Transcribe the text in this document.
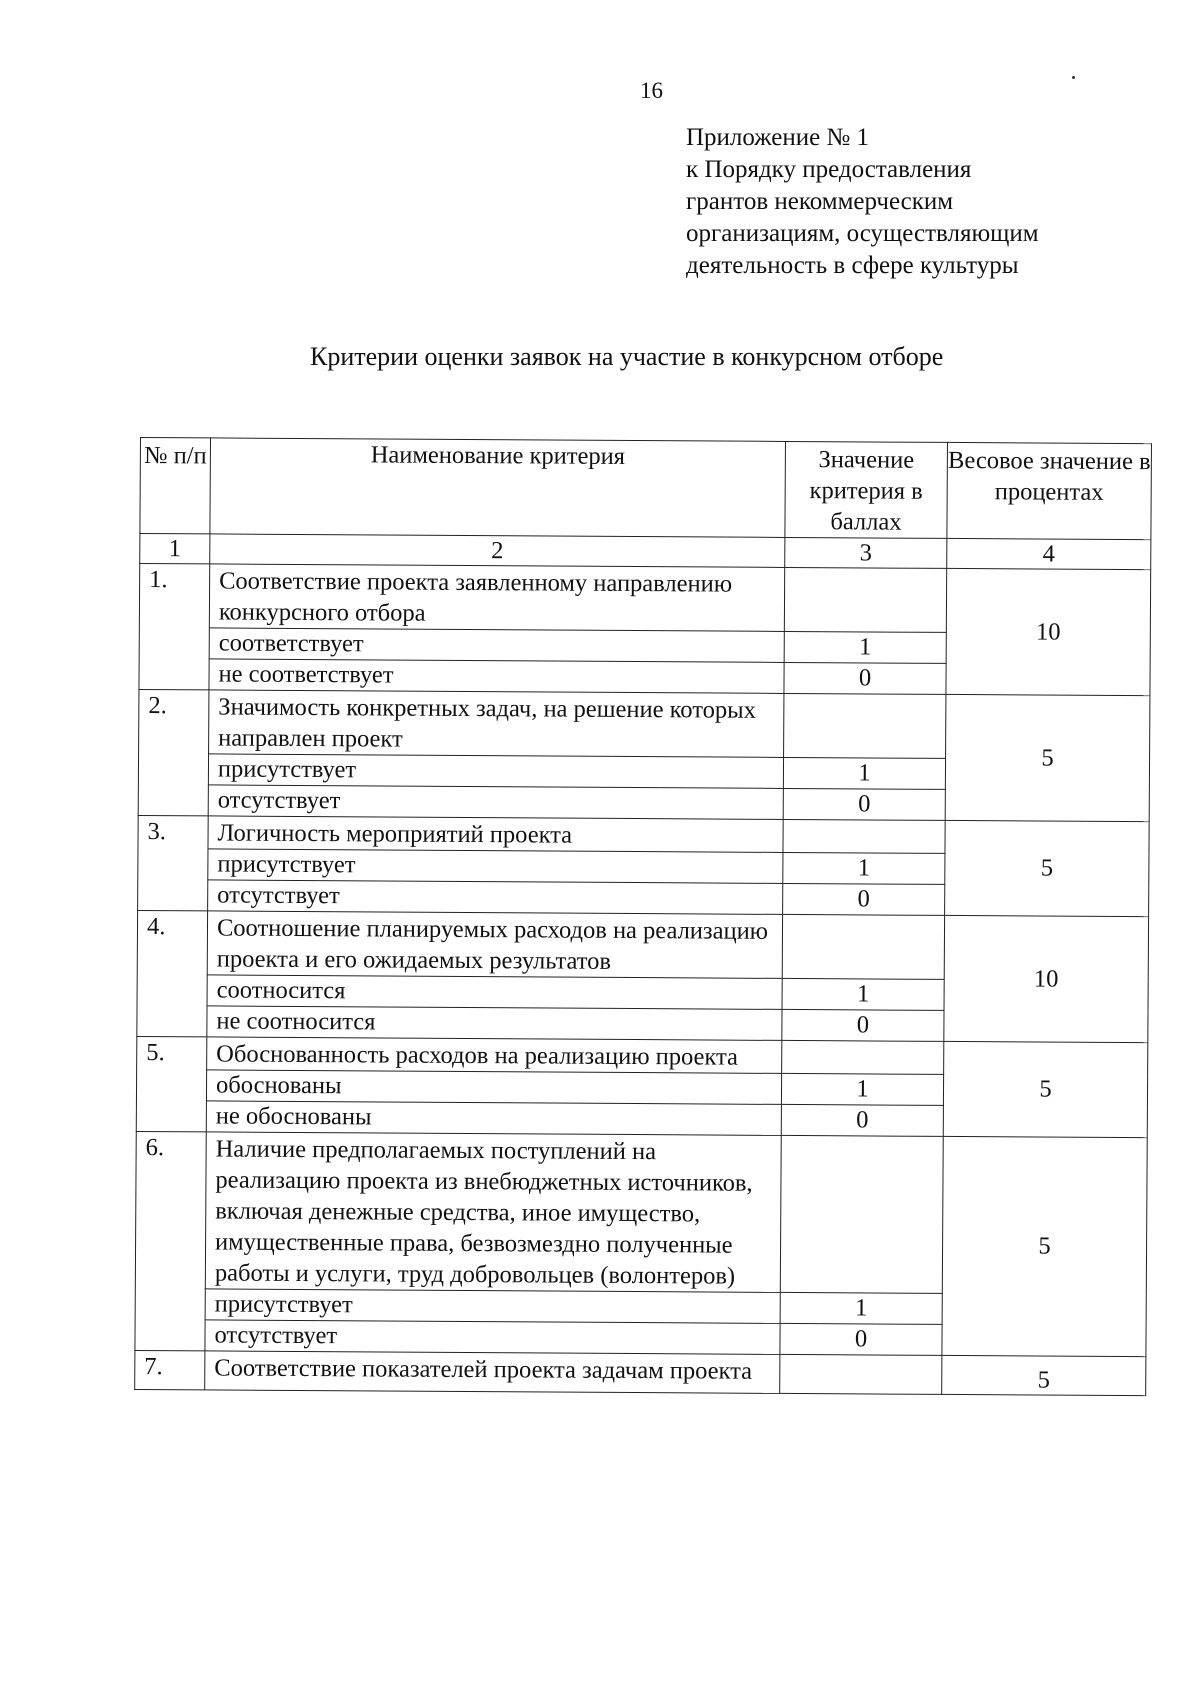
16
Приложение № 1
к Порядку предоставления
грантов некоммерческим
организациям, осуществляющим
деятельность в сфере культуры
Критерии оценки заявок на участие в конкурсном отборе
№ п/п	Наименование критерия	Значение критерия в баллах	Весовое значение в процентах
1	2	3	4
1.	Соответствие проекта заявленному направлению конкурсного отбора		10
	соответствует	1	
	не соответствует	0	
2.	Значимость конкретных задач, на решение которых направлен проект		5
	присутствует	1	
	отсутствует	0	
3.	Логичность мероприятий проекта		5
	присутствует	1	
	отсутствует	0	
4.	Соотношение планируемых расходов на реализацию проекта и его ожидаемых результатов		10
	соотносится	1	
	не соотносится	0	
5.	Обоснованность расходов на реализацию проекта		5
	обоснованы	1	
	не обоснованы	0	
6.	Наличие предполагаемых поступлений на реализацию проекта из внебюджетных источников, включая денежные средства, иное имущество, имущественные права, безвозмездно полученные работы и услуги, труд добровольцев (волонтеров)		5
	присутствует	1	
	отсутствует	0	
7.	Соответствие показателей проекта задачам проекта		5
